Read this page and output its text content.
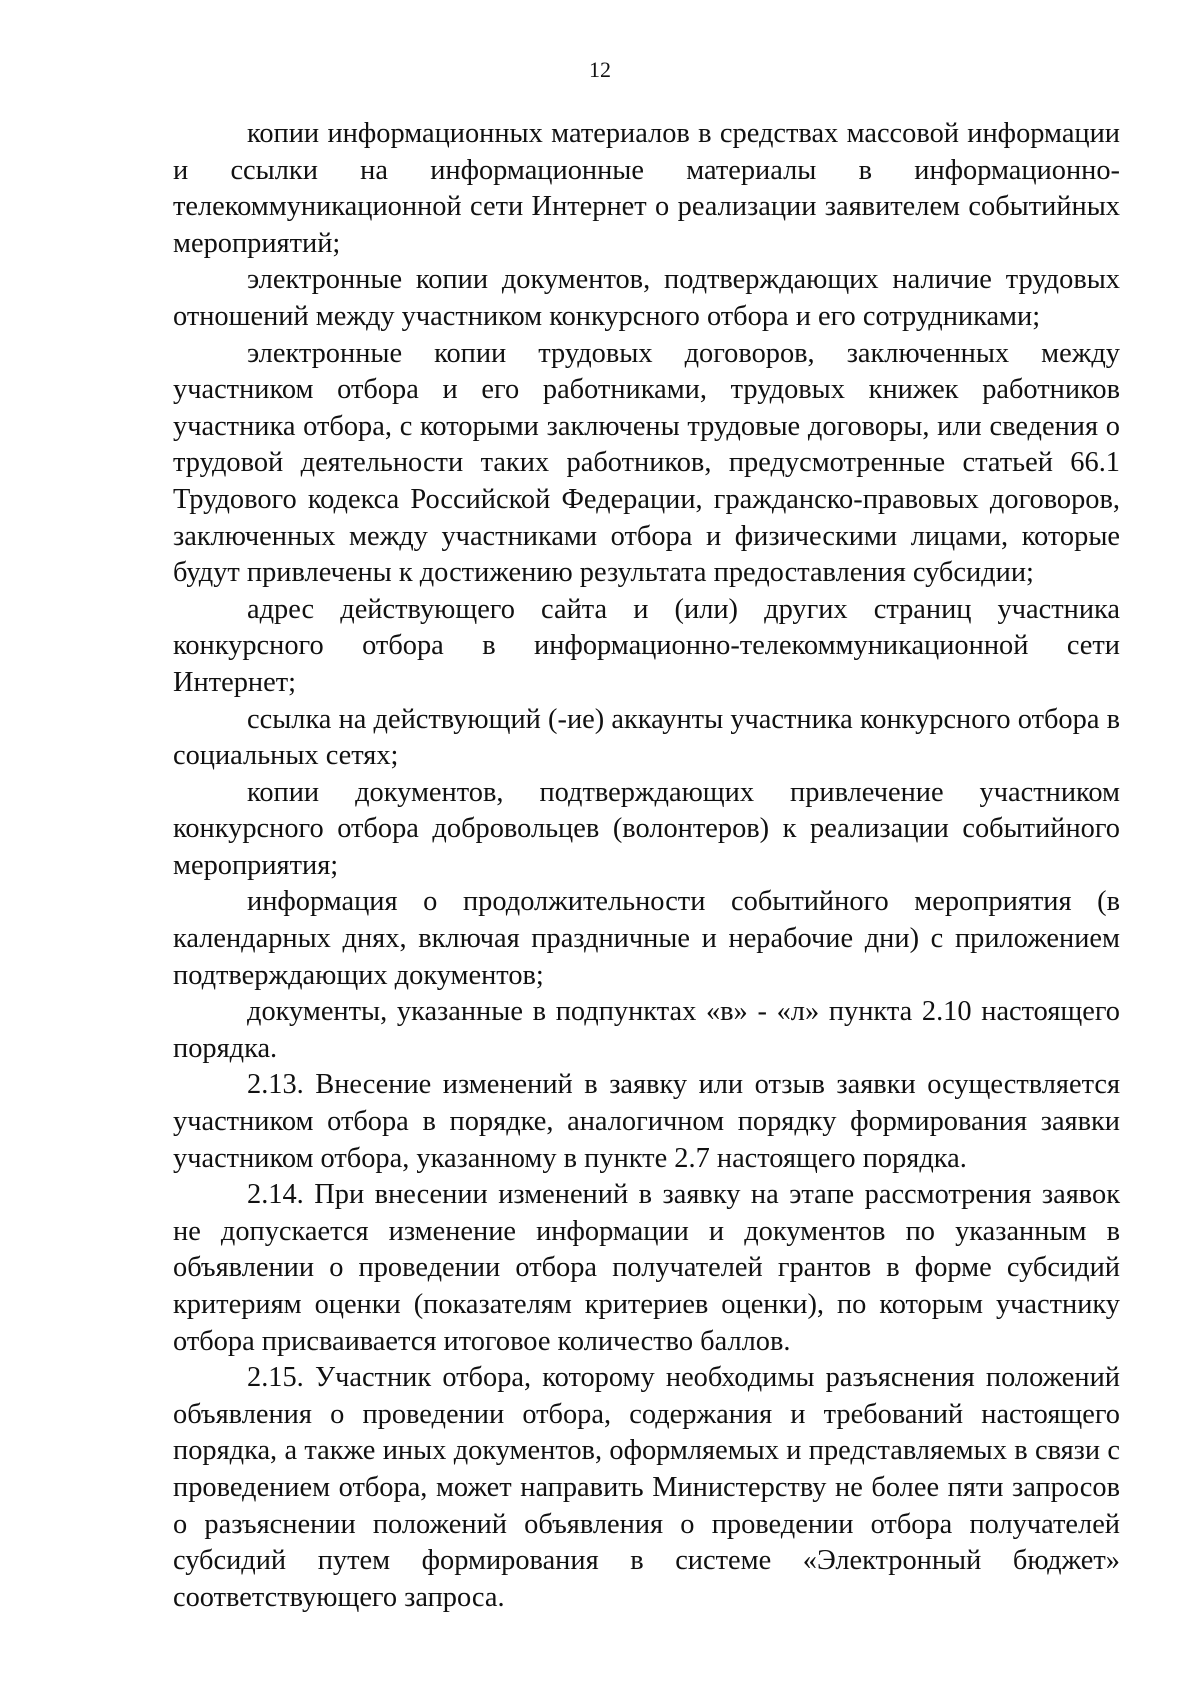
12

копии информационных материалов в средствах массовой информации и ссылки на информационные материалы в информационно-телекоммуникационной сети Интернет о реализации заявителем событийных мероприятий;

электронные копии документов, подтверждающих наличие трудовых отношений между участником конкурсного отбора и его сотрудниками;

электронные копии трудовых договоров, заключенных между участником отбора и его работниками, трудовых книжек работников участника отбора, с которыми заключены трудовые договоры, или сведения о трудовой деятельности таких работников, предусмотренные статьей 66.1 Трудового кодекса Российской Федерации, гражданско-правовых договоров, заключенных между участниками отбора и физическими лицами, которые будут привлечены к достижению результата предоставления субсидии;

адрес действующего сайта и (или) других страниц участника конкурсного отбора в информационно-телекоммуникационной сети Интернет;

ссылка на действующий (-ие) аккаунты участника конкурсного отбора в социальных сетях;

копии документов, подтверждающих привлечение участником конкурсного отбора добровольцев (волонтеров) к реализации событийного мероприятия;

информация о продолжительности событийного мероприятия (в календарных днях, включая праздничные и нерабочие дни) с приложением подтверждающих документов;

документы, указанные в подпунктах «в» - «л» пункта 2.10 настоящего порядка.

2.13. Внесение изменений в заявку или отзыв заявки осуществляется участником отбора в порядке, аналогичном порядку формирования заявки участником отбора, указанному в пункте 2.7 настоящего порядка.

2.14. При внесении изменений в заявку на этапе рассмотрения заявок не допускается изменение информации и документов по указанным в объявлении о проведении отбора получателей грантов в форме субсидий критериям оценки (показателям критериев оценки), по которым участнику отбора присваивается итоговое количество баллов.

2.15. Участник отбора, которому необходимы разъяснения положений объявления о проведении отбора, содержания и требований настоящего порядка, а также иных документов, оформляемых и представляемых в связи с проведением отбора, может направить Министерству не более пяти запросов о разъяснении положений объявления о проведении отбора получателей субсидий путем формирования в системе «Электронный бюджет» соответствующего запроса.
